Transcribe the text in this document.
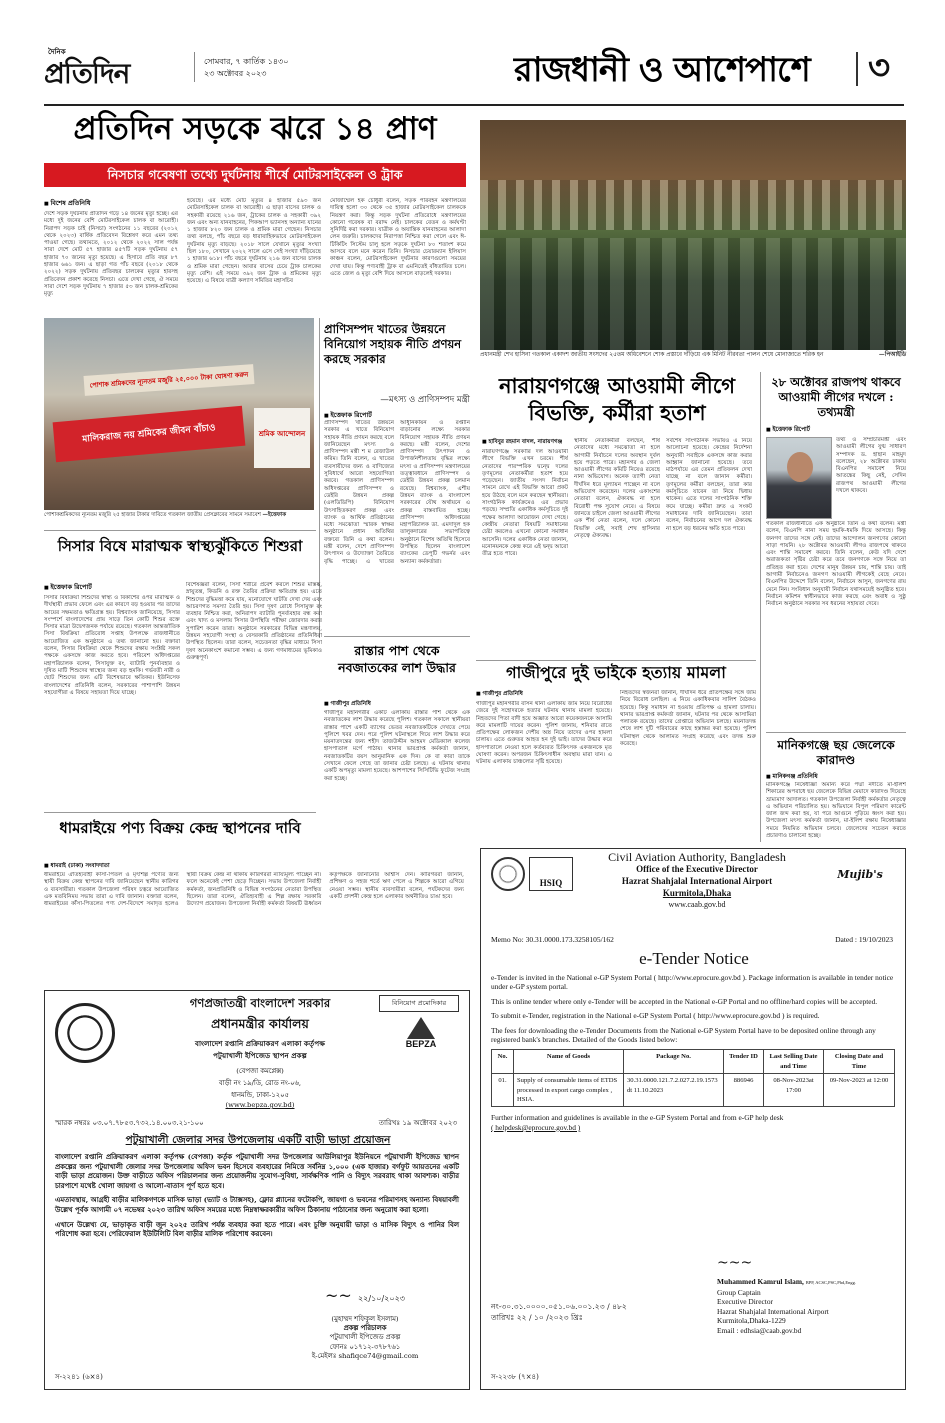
দৈনিক
প্রতিদিন	সোমবার, ৭ কার্তিক ১৪৩০
২৩ অক্টোবর ২০২৩	রাজধানী ও আশেপাশে ৩
প্রতিদিন সড়কে ঝরে ১৪ প্রাণ
নিসচার গবেষণা তথ্যে দুর্ঘটনায় শীর্ষে মোটরসাইকেল ও ট্রাক
■ বিশেষ প্রতিনিধি
দেশে সড়ক দুর্ঘটনায় প্রতিদিন গড়ে ১৪ জনের মৃত্যু হচ্ছে। এর মধ্যে দুই জনের বেশি মোটরসাইকেল চালক বা আরোহী। নিরাপদ সড়ক চাই (নিসচা) সংগঠনের ১১ বছরের (২০১২ থেকে ২০২৩) বার্ষিক প্রতিবেদন বিশ্লেষণ করে এমন তথ্য পাওয়া গেছে। তথ্যমতে, ২০১২ থেকে ২০২২ সাল পর্যন্ত সারা দেশে মোট ৫৭ হাজার ৪৫৭টি সড়ক দুর্ঘটনায় ৫৭ হাজার ৭০ জনের মৃত্যু হয়েছে। এ হিসাবে প্রতি বছর ৮৭ হাজার ৬৬১ জন। এ ছাড়া গত পাঁচ বছরে (২০১৮ থেকে ২০২২) সড়ক দুর্ঘটনায় প্রতিবছর চালকের মৃত্যুর হারসহ প্রতিবেদন প্রকাশ করেছে নিসচা। এতে দেখা গেছে, ঐ সময়ে সারা দেশে সড়ক দুর্ঘটনায় ৭ হাজার ৫৩ জন চালক-শ্রমিকের মৃত্যু
হয়েছে। এর মধ্যে মোট মৃত্যুর ৪ হাজার ৫৯৩ জন মোটরসাইকেল চালক বা আরোহী। এ ছাড়া বাসের চালক ও সহকারী রয়েছে ২১৬ জন, ট্রাকের চালক ও সহকারী ৩৯২ জন এবং অন্য যানবাহনের, পিকআপ ভ্যানসহ অন্যান্য যানের ১ হাজার ৮২০ জন চালক ও শ্রমিক মারা গেছেন। নিসচার তথ্য বলছে, পাঁচ বছরে বড় ধারাবাহিকভাবে মোটরসাইকেল দুর্ঘটনায় মৃত্যু বাড়ছে। ২০১৮ সালে যেখানে মৃত্যুর সংখ্যা ছিল ১৮০, সেখানে ২০২২ সালে এসে সেই সংখ্যা দাঁড়িয়েছে ১ হাজার ৬১৮। পাঁচ বছরে দুর্ঘটনায় ২১৬ জন বাসের চালক ও শ্রমিক মারা গেছেন। আবার বাসের চেয়ে ট্রাক চালকের মৃত্যু বেশি। এই সময়ে ৩৯২ জন ট্রাক ও শ্রমিকের মৃত্যু হয়েছে। এ বিষয়ে যাত্রী কল্যাণ সমিতির মহাসচিব
মোজাম্মেল হক চৌধুরী বলেন, সড়ক পরিবহন মন্ত্রণালয়ের দায়িত্ব হলো ৩০ থেকে ৩৫ হাজার মোটরসাইকেল চালককে নিয়ন্ত্রণ করা। কিন্তু সড়ক দুর্ঘটনা প্রতিরোধে মন্ত্রণালয়ের কোনো গবেষক বা বরাদ্দ নেই। চালকের বেতন ও কর্মঘণ্টা সুনির্দিষ্ট করা দরকার। যাত্রীক ও অযান্ত্রিক যানবাহনের আলাদা লেন জরুরি। চালকদের নিরাপত্তা নিশ্চিত করা গেলে এবং ঈ-টিকিটিং সিস্টেম চালু হলে সড়কে দুর্ঘটনা ৮০ শতাংশ কমে আসবে বলে মনে করেন তিনি। নিসচার চেয়ারম্যান ইলিয়াস কাঞ্চন বলেন, মোটরসাইকেল দুর্ঘটনার কারণগুলো সময়ের দেখা যায়। কিন্তু পণ্যবাহী ট্রাক বা এমনিতেই বাঁধতায়িত চলে। এতে জেল ও মৃত্যু বেশি দিয়ে আসলে বাড়লেই দরকার।
প্রধানমন্ত্রী শেখ হাসিনা গতকাল একাদশ জাতীয় সংসদের ২৫তম অধিবেশনে শোক প্রস্তাবে দাঁড়িয়ে এক মিনিট নীরবতা পালন শেষে মোনাজাতে শরিক হন	—পিআইডি
পোশাক শ্রমিকদের ন্যূনতম মজুরি ২৫,০০০ টাকা ঘোষণা করুন
মালিকরাজ নয় শ্রমিকের জীবন বাঁচাও	শ্রমিক আন্দোলন
পোশাকশ্রমিকদের ন্যূনতম মজুরি ২৫ হাজার টাকার দাবিতে গতকাল জাতীয় প্রেসক্লাবের সামনে সমাবেশ —ইত্তেফাক
প্রাণিসম্পদ খাতের উন্নয়নে বিনিয়োগ সহায়ক নীতি প্রণয়ন করছে সরকার
—মৎস্য ও প্রাণিসম্পদ মন্ত্রী
■ ইত্তেফাক রিপোর্ট
প্রাণিসম্পদ খাতের উন্নয়নে সরকার এ খাতে বিনিয়োগ সহায়ক নীতি প্রণয়ন করছে বলে জানিয়েছেন মৎস্য ও প্রাণিসম্পদ মন্ত্রী শ ম রেজাউল করিম। তিনি বলেন, এ খাতের ব্যবসায়ীদের জন্য ও বাণিজ্যের সুবিধার্থে আরো সহযোগিতা করবে। গতকাল প্রাণিসম্পদ অধিদপ্তরের প্রাণিসম্পদ ও ডেইরি উন্নয়ন প্রকল্প (এলডিডিপি) বিনিয়োগ উৎসাহিতকরণ প্রকল্প এবং ব্যাংক ও আর্থিক প্রতিষ্ঠানের মধ্যে সমঝোতা স্মারক স্বাক্ষর অনুষ্ঠানে প্রধান অতিথির বক্তব্যে তিনি এ কথা বলেন। মন্ত্রী বলেন, দেশে প্রাণিসম্পদ উৎপাদন ও উদ্যোক্তা তৈরিতে বৃদ্ধি পাচ্ছে। এ খাতের আধুনিকায়ন ও রপ্তানি বাড়ানোর লক্ষ্যে সরকার বিনিয়োগ সহায়ক নীতি প্রণয়ন করছে। মন্ত্রী বলেন, দেশের প্রাণিসম্পদ উৎপাদন ও উপার্জনশীলতায় বৃদ্ধির লক্ষ্যে মৎস্য ও প্রাণিসম্পদ মন্ত্রণালয়ের তত্ত্বাবধানে প্রাণিসম্পদ ও ডেইরি উন্নয়ন প্রকল্প চলমান রয়েছে। বিশ্বব্যাংক, এশীয় উন্নয়ন ব্যাংক ও বাংলাদেশ সরকারের যৌথ অর্থায়নে এ প্রকল্প বাস্তবায়িত হচ্ছে। প্রাণিসম্পদ অধিদপ্তরের মহাপরিচালক ডা. এমদাদুল হক তালুকদারের সভাপতিত্বে অনুষ্ঠানে বিশেষ অতিথি হিসেবে উপস্থিত ছিলেন বাংলাদেশ ব্যাংকের ডেপুটি গভর্নর এবং অন্যান্য কর্মকর্তারা।
নারায়ণগঞ্জে আওয়ামী লীগে বিভক্তি, কর্মীরা হতাশ
■ হাবিবুর রহমান বাদল, নারায়ণগঞ্জ
নারায়ণগঞ্জে সরকারি দল আওয়ামী লীগে বিভক্তি এখন চরমে। শীর্ষ নেতাদের পারস্পরিক দ্বন্দ্বে দলের তৃণমূলের নেতাকর্মীরা হতাশ হয়ে পড়েছেন। জাতীয় সংসদ নির্বাচন সামনে রেখে এই বিভক্তি আরো প্রকট হয়ে উঠছে বলে মনে করছেন স্থানীয়রা। সাংগঠনিক কার্যক্রমেও এর প্রভাব পড়ছে। সম্প্রতি একাধিক কর্মসূচিতে দুই পক্ষের আলাদা আয়োজন দেখা গেছে। কেন্দ্রীয় নেতারা বিষয়টি সমাধানের চেষ্টা করলেও এখনো কোনো সমাধান আসেনি। দলের একাধিক নেতা জানান, মনোনয়নকে কেন্দ্র করে এই দ্বন্দ্ব আরো তীব্র হতে পারে।
স্থানীয় নেতাকর্মীরা বলছেন, শীর্ষ নেতাদের মধ্যে সমঝোতা না হলে আগামী নির্বাচনে দলের অবস্থান দুর্বল হয়ে পড়তে পারে। মহানগর ও জেলা আওয়ামী লীগের কমিটি নিয়েও রয়েছে নানা অভিযোগ। অনেক ত্যাগী নেতা দীর্ঘদিন ধরে মূল্যায়ন পাচ্ছেন না বলে অভিযোগ করেছেন। দলের একাংশের নেতারা বলেন, ঐক্যবদ্ধ না হলে বিরোধী পক্ষ সুযোগ নেবে। এ বিষয়ে জানতে চাইলে জেলা আওয়ামী লীগের এক শীর্ষ নেতা বলেন, দলে কোনো বিভক্তি নেই, সবাই শেখ হাসিনার নেতৃত্বে ঐক্যবদ্ধ।
সর্বশেষ সাংগঠনিক সভায়ও এ নিয়ে আলোচনা হয়েছে। কেন্দ্রের নির্দেশনা অনুযায়ী সবাইকে একসঙ্গে কাজ করার আহ্বান জানানো হয়েছে। তবে মাঠপর্যায়ে এর তেমন প্রতিফলন দেখা যাচ্ছে না বলে জানান কর্মীরা। তৃণমূলের কর্মীরা বলছেন, তারা কার কর্মসূচিতে যাবেন তা নিয়ে দ্বিধায় থাকেন। এতে দলের সাংগঠনিক শক্তি কমে যাচ্ছে। কর্মীরা দ্রুত এ সংকট সমাধানের দাবি জানিয়েছেন। তারা বলেন, নির্বাচনের আগে দল ঐক্যবদ্ধ না হলে বড় ধরনের ক্ষতি হতে পারে।
২৮ অক্টোবর রাজপথ থাকবে আওয়ামী লীগের দখলে : তথ্যমন্ত্রী
■ ইত্তেফাক রিপোর্ট
তথ্য ও সম্প্রচারমন্ত্রী এবং আওয়ামী লীগের যুগ্ম সাধারণ সম্পাদক ড. হাছান মাহমুদ বলেছেন, ২৮ অক্টোবর ঢাকায় বিএনপির সমাবেশ নিয়ে আতঙ্কের কিছু নেই, সেদিন রাজপথ আওয়ামী লীগের দখলে থাকবে।
গতকাল রাজধানীতে এক অনুষ্ঠানে তিনি এ কথা বলেন। মন্ত্রী বলেন, বিএনপি নানা সময় হুমকি-ধমকি দিয়ে আসছে। কিন্তু জনগণ তাদের সঙ্গে নেই। তাদের আন্দোলন জনগণের কোনো সাড়া পায়নি। ২৮ অক্টোবর আওয়ামী লীগও রাজপথে থাকবে এবং শান্তি সমাবেশ করবে। তিনি বলেন, কেউ যদি দেশে অরাজকতা সৃষ্টির চেষ্টা করে তবে জনগণকে সঙ্গে নিয়ে তা প্রতিহত করা হবে। দেশের মানুষ উন্নয়ন চায়, শান্তি চায়। তাই আগামী নির্বাচনেও জনগণ আওয়ামী লীগকেই বেছে নেবে। বিএনপির উদ্দেশে তিনি বলেন, নির্বাচনে আসুন, জনগণের রায় মেনে নিন। সংবিধান অনুযায়ী নির্বাচন যথাসময়েই অনুষ্ঠিত হবে। নির্বাচন কমিশন স্বাধীনভাবে কাজ করছে এবং অবাধ ও সুষ্ঠু নির্বাচন অনুষ্ঠানে সরকার সব ধরনের সহায়তা দেবে।
মানিকগঞ্জে ছয় জেলেকে কারাদণ্ড
■ মানিকগঞ্জ প্রতিনিধি
মানিকগঞ্জে নিষেধাজ্ঞা অমান্য করে পদ্মা নদীতে মা-ইলিশ শিকারের অপরাধে ছয় জেলেকে বিভিন্ন মেয়াদে কারাদণ্ড দিয়েছে ভ্রাম্যমাণ আদালত। গতকাল উপজেলা নির্বাহী কর্মকর্তার নেতৃত্বে এ অভিযান পরিচালিত হয়। অভিযানে বিপুল পরিমাণ কারেন্ট জাল জব্দ করা হয়, যা পরে আগুনে পুড়িয়ে ধ্বংস করা হয়। উপজেলা মৎস্য কর্মকর্তা জানান, মা-ইলিশ রক্ষায় নিষেধাজ্ঞার সময়ে নিয়মিত অভিযান চলবে। জেলেদের সচেতন করতে প্রচারণাও চালানো হচ্ছে।
সিসার বিষে মারাত্মক স্বাস্থ্যঝুঁকিতে শিশুরা
■ ইত্তেফাক রিপোর্ট
সিসার বিষক্রিয়া শিশুদের স্বাস্থ্য ও বিকাশের ওপর মারাত্মক ও দীর্ঘস্থায়ী প্রভাব ফেলে এবং এর কারণে বড় হওয়ার পর তাদের আয়ের সক্ষমতাও ক্ষতিগ্রস্ত হয়। বিশ্বব্যাংক জানিয়েছে, সিসার সংস্পর্শে বাংলাদেশের প্রায় সাড়ে তিন কোটি শিশুর রক্তে সিসার মাত্রা উদ্বেগজনক পর্যায়ে রয়েছে। গতকাল আন্তর্জাতিক সিসা বিষক্রিয়া প্রতিরোধ সপ্তাহ উপলক্ষে রাজধানীতে আয়োজিত এক অনুষ্ঠানে এ তথ্য জানানো হয়। বক্তারা বলেন, সিসার বিষক্রিয়া থেকে শিশুদের রক্ষায় সংশ্লিষ্ট সকল পক্ষকে একসঙ্গে কাজ করতে হবে। পরিবেশ অধিদপ্তরের মহাপরিচালক বলেন, সিসাযুক্ত রং, ব্যাটারি পুনর্ব্যবহার ও দূষিত মাটি শিশুদের স্বাস্থ্যের জন্য বড় হুমকি। গর্ভবতী নারী ও ছোট শিশুদের জন্য এটি বিশেষভাবে ক্ষতিকর। ইউনিসেফ বাংলাদেশের প্রতিনিধি বলেন, সরকারের পাশাপাশি উন্নয়ন সহযোগীরা এ বিষয়ে সহায়তা দিয়ে যাচ্ছে।
বিশেষজ্ঞরা বলেন, সিসা শরীরে প্রবেশ করলে শিশুর মস্তিষ্ক, স্নায়ুতন্ত্র, কিডনি ও রক্ত তৈরির প্রক্রিয়া ক্ষতিগ্রস্ত হয়। এতে শিশুদের বুদ্ধিমত্তা কমে যায়, মনোযোগে ঘাটতি দেখা দেয় এবং আচরণগত সমস্যা তৈরি হয়। সিসা দূষণ রোধে সিসামুক্ত রং ব্যবহার নিশ্চিত করা, অনিরাপদ ব্যাটারি পুনর্ব্যবহার বন্ধ করা এবং খাদ্য ও মসলায় সিসার উপস্থিতি পরীক্ষা জোরদার করার সুপারিশ করেন তারা। অনুষ্ঠানে সরকারের বিভিন্ন মন্ত্রণালয়, উন্নয়ন সহযোগী সংস্থা ও বেসরকারি প্রতিষ্ঠানের প্রতিনিধিরা উপস্থিত ছিলেন। তারা বলেন, সচেতনতা বৃদ্ধির মাধ্যমে সিসা দূষণ অনেকাংশে কমানো সম্ভব। এ জন্য গণমাধ্যমের ভূমিকাও গুরুত্বপূর্ণ।	রাস্তার পাশ থেকে নবজাতকের লাশ উদ্ধার
■ গাজীপুর প্রতিনিধি
গাজীপুর মহানগরীর একটি এলাকায় রাস্তার পাশ থেকে এক নবজাতকের লাশ উদ্ধার করেছে পুলিশ। গতকাল সকালে স্থানীয়রা রাস্তার পাশে একটি ব্যাগের ভেতর নবজাতকটিকে দেখতে পেয়ে পুলিশে খবর দেন। পরে পুলিশ ঘটনাস্থলে গিয়ে লাশ উদ্ধার করে ময়নাতদন্তের জন্য শহীদ তাজউদ্দীন আহমদ মেডিক্যাল কলেজ হাসপাতাল মর্গে পাঠায়। থানার ভারপ্রাপ্ত কর্মকর্তা জানান, নবজাতকটির বয়স আনুমানিক এক দিন। কে বা কারা তাকে সেখানে ফেলে গেছে তা জানার চেষ্টা চলছে। এ ঘটনায় থানায় একটি অপমৃত্যু মামলা হয়েছে। আশপাশের সিসিটিভি ফুটেজ সংগ্রহ করা হচ্ছে।
গাজীপুরে দুই ভাইকে হত্যায় মামলা
■ গাজীপুর প্রতিনিধি
গাজীপুর মহানগরীর বাসন থানা এলাকায় জমি নিয়ে বিরোধের জেরে দুই সহোদরকে হত্যার ঘটনায় থানায় মামলা হয়েছে। নিহতদের পিতা বাদী হয়ে অজ্ঞাত আরো কয়েকজনকে আসামি করে মামলাটি দায়ের করেন। পুলিশ জানায়, শনিবার রাতে প্রতিপক্ষের লোকজন দেশীয় অস্ত্র নিয়ে তাদের ওপর হামলা চালায়। এতে গুরুতর আহত হন দুই ভাই। তাদের উদ্ধার করে হাসপাতালে নেওয়া হলে কর্তব্যরত চিকিৎসক একজনকে মৃত ঘোষণা করেন। অপরজন চিকিৎসাধীন অবস্থায় মারা যান। এ ঘটনায় এলাকায় চাঞ্চল্যের সৃষ্টি হয়েছে।
নিহতদের স্বজনরা জানান, দীর্ঘদিন ধরে প্রতিপক্ষের সঙ্গে জমি নিয়ে বিরোধ চলছিল। এ নিয়ে একাধিকবার সালিশ বৈঠকও হয়েছে। কিন্তু সমাধান না হওয়ায় প্রতিপক্ষ এ হামলা চালায়। থানার ভারপ্রাপ্ত কর্মকর্তা জানান, ঘটনার পর থেকে আসামিরা পলাতক রয়েছে। তাদের গ্রেপ্তারে অভিযান চলছে। ময়নাতদন্ত শেষে লাশ দুটি পরিবারের কাছে হস্তান্তর করা হয়েছে। পুলিশ ঘটনাস্থল থেকে আলামত সংগ্রহ করেছে এবং তদন্ত শুরু করেছে।
ধামরাইয়ে পণ্য বিক্রয় কেন্দ্র স্থাপনের দাবি
■ ধামরাই (ঢাকা) সংবাদদাতা
ধামরাইয়ে ঐতিহ্যবাহী কাঁসা-পিতল ও মৃৎশিল্প পণ্যের জন্য স্থায়ী বিক্রয় কেন্দ্র স্থাপনের দাবি জানিয়েছেন স্থানীয় কারিগর ও ব্যবসায়ীরা। গতকাল উপজেলা পরিষদ চত্বরে আয়োজিত এক মতবিনিময় সভায় তারা এ দাবি জানান। বক্তারা বলেন, ধামরাইয়ের কাঁসা-পিতলের পণ্য দেশ-বিদেশে সমাদৃত হলেও স্থায়ী বিক্রয় কেন্দ্র না থাকায় কারিগররা ন্যায্যমূল্য পাচ্ছেন না। ফলে অনেকেই পেশা ছেড়ে দিচ্ছেন। সভায় উপজেলা নির্বাহী কর্মকর্তা, জনপ্রতিনিধি ও বিভিন্ন সংগঠনের নেতারা উপস্থিত ছিলেন। তারা বলেন, ঐতিহ্যবাহী এ শিল্প রক্ষায় সরকারি উদ্যোগ প্রয়োজন। উপজেলা নির্বাহী কর্মকর্তা বিষয়টি ঊর্ধ্বতন কর্তৃপক্ষকে জানানোর আশ্বাস দেন। কারিগররা জানান, প্রশিক্ষণ ও সহজ শর্তে ঋণ পেলে এ শিল্পকে আরো এগিয়ে নেওয়া সম্ভব। স্থানীয় ব্যবসায়ীরা বলেন, পর্যটকদের জন্য একটি প্রদর্শনী কেন্দ্র হলে এলাকার অর্থনীতিও চাঙা হবে।
HSIQ
Civil Aviation Authority, Bangladesh
Office of the Executive Director
Hazrat Shahjalal International Airport
Kurmitola,Dhaka
www.caab.gov.bd
Mujib's
Memo No: 30.31.0000.173.3258105/162	Dated : 19/10/2023
e-Tender Notice

e-Tender is invited in the National e-GP System Portal ( http://www.eprocure.gov.bd ). Package information is available in tender notice under e-GP system portal.

This is online tender where only e-Tender will be accepted in the National e-GP Portal and no offline/hard copies will be accepted.

To submit e-Tender, registration in the National e-GP System Portal ( http://www.eprocure.gov.bd ) is required.

The fees for downloading the e-Tender Documents from the National e-GP System Portal have to be deposited online through any registered bank's branches. Detailed of the Goods listed below:

No.	Name of Goods	Package No.	Tender ID	Last Selling Date and Time	Closing Date and Time
01.	Supply of consumable items of ETDS processed in export cargo complex , HSIA.	30.31.0000.121.7.2.027.2.19.1573 dt 11.10.2023	886946	08-Nov-2023at 17:00	09-Nov-2023 at 12:00

Further information and guidelines is available in the e-GP System Portal and from e-GP help desk

( helpdesk@eprocure.gov.bd )

~~~
Muhammed Kamrul Islam, BPP, ACSC,PSC,Phd,Engg.
Group Captain
Executive Director
Hazrat Shahjalal International Airport
Kurmitola,Dhaka-1229
Email : edhsia@caab.gov.bd
নং-৩০.৩১.০০০০.০৫১.০৬.০০১.২৩ / ৪৮২
তারিখঃ ২২ / ১০ /২০২৩ খ্রিঃ
স-২২৩৮ (৭×৪)
গণপ্রজাতন্ত্রী বাংলাদেশ সরকার
প্রধানমন্ত্রীর কার্যালয়
বাংলাদেশ রপ্তানি প্রক্রিয়াকরণ এলাকা কর্তৃপক্ষ
পটুয়াখালী ইপিজেড স্থাপন প্রকল্প
(বেপজা কমপ্লেক্স)
বাড়ী নং ১৯/ডি, রোড নং-০৬,
ধানমন্ডি, ঢাকা-১২০৫
(www.bepza.gov.bd)
বিনিয়োগ প্রমোদিকার
BEPZA
স্মারক নম্বরঃ ০৩.০৭.৭৮৫৩.৭৩২.১৪.০০৩.২১-১০০	তারিখঃ ১৯ অক্টোবর ২০২৩
পটুয়াখালী জেলার সদর উপজেলায় একটি বাড়ী ভাড়া প্রয়োজন

বাংলাদেশ রপ্তানি প্রক্রিয়াকরণ এলাকা কর্তৃপক্ষ (বেপজা) কর্তৃক পটুয়াখালী সদর উপজেলার আউলিয়াপুর ইউনিয়নে পটুয়াখালী ইপিজেড স্থাপন প্রকল্পের জন্য পটুয়াখালী জেলার সদর উপজেলায় অফিস ভবন হিসেবে ব্যবহারের নিমিত্তে সর্বনিম্ন ১,০০০ (এক হাজার) বর্গফুট আয়তনের একটি বাড়ী ভাড়া প্রয়োজন। উক্ত বাড়ীতে অফিস পরিচালনার জন্য প্রয়োজনীয় সুযোগ-সুবিধা, সার্বক্ষণিক পানি ও বিদ্যুৎ সরবরাহ থাকা আবশ্যক। বাড়ীর চারপাশে যথেষ্ট খোলা জায়গা ও আলো-বাতাস পূর্ণ হতে হবে।

এমতাবস্থায়, আগ্রহী বাড়ীর মালিকগণকে মাসিক ভাড়া (ভ্যাট ও ট্যাক্সসহ), ফ্লোর প্ল্যানের ফটোকপি, জায়গা ও ভবনের পরিমাণসহ অন্যান্য বিষয়াবলী উল্লেখ পূর্বক আগামী ০৭ নভেম্বর ২০২৩ তারিখ অফিস সময়ের মধ্যে নিম্নস্বাক্ষরকারীর অফিস ঠিকানায় পাঠানোর জন্য অনুরোধ করা হলো।

এখানে উল্লেখ্য যে, ভাড়াকৃত বাড়ী জুন ২০২৫ তারিখ পর্যন্ত ব্যবহার করা হতে পারে। এবং চুক্তি অনুযায়ী ভাড়া ও মাসিক বিদ্যুৎ ও পানির বিল পরিশোধ করা হবে। পেরিফেরাল ইউটিলিটি বিল বাড়ীর মালিক পরিশোধ করবেন।

~~ ২২/১০/২০২৩
(মুহাম্মদ শফিকুল ইসলাম)
প্রকল্প পরিচালক
পটুয়াখালী ইপিজেড প্রকল্প
ফোনঃ ০১৭১২-৩৭৮৭৬১
ই-মেইলঃ shafiqce74@gmail.com
স-২২৪১ (৬×৪)
